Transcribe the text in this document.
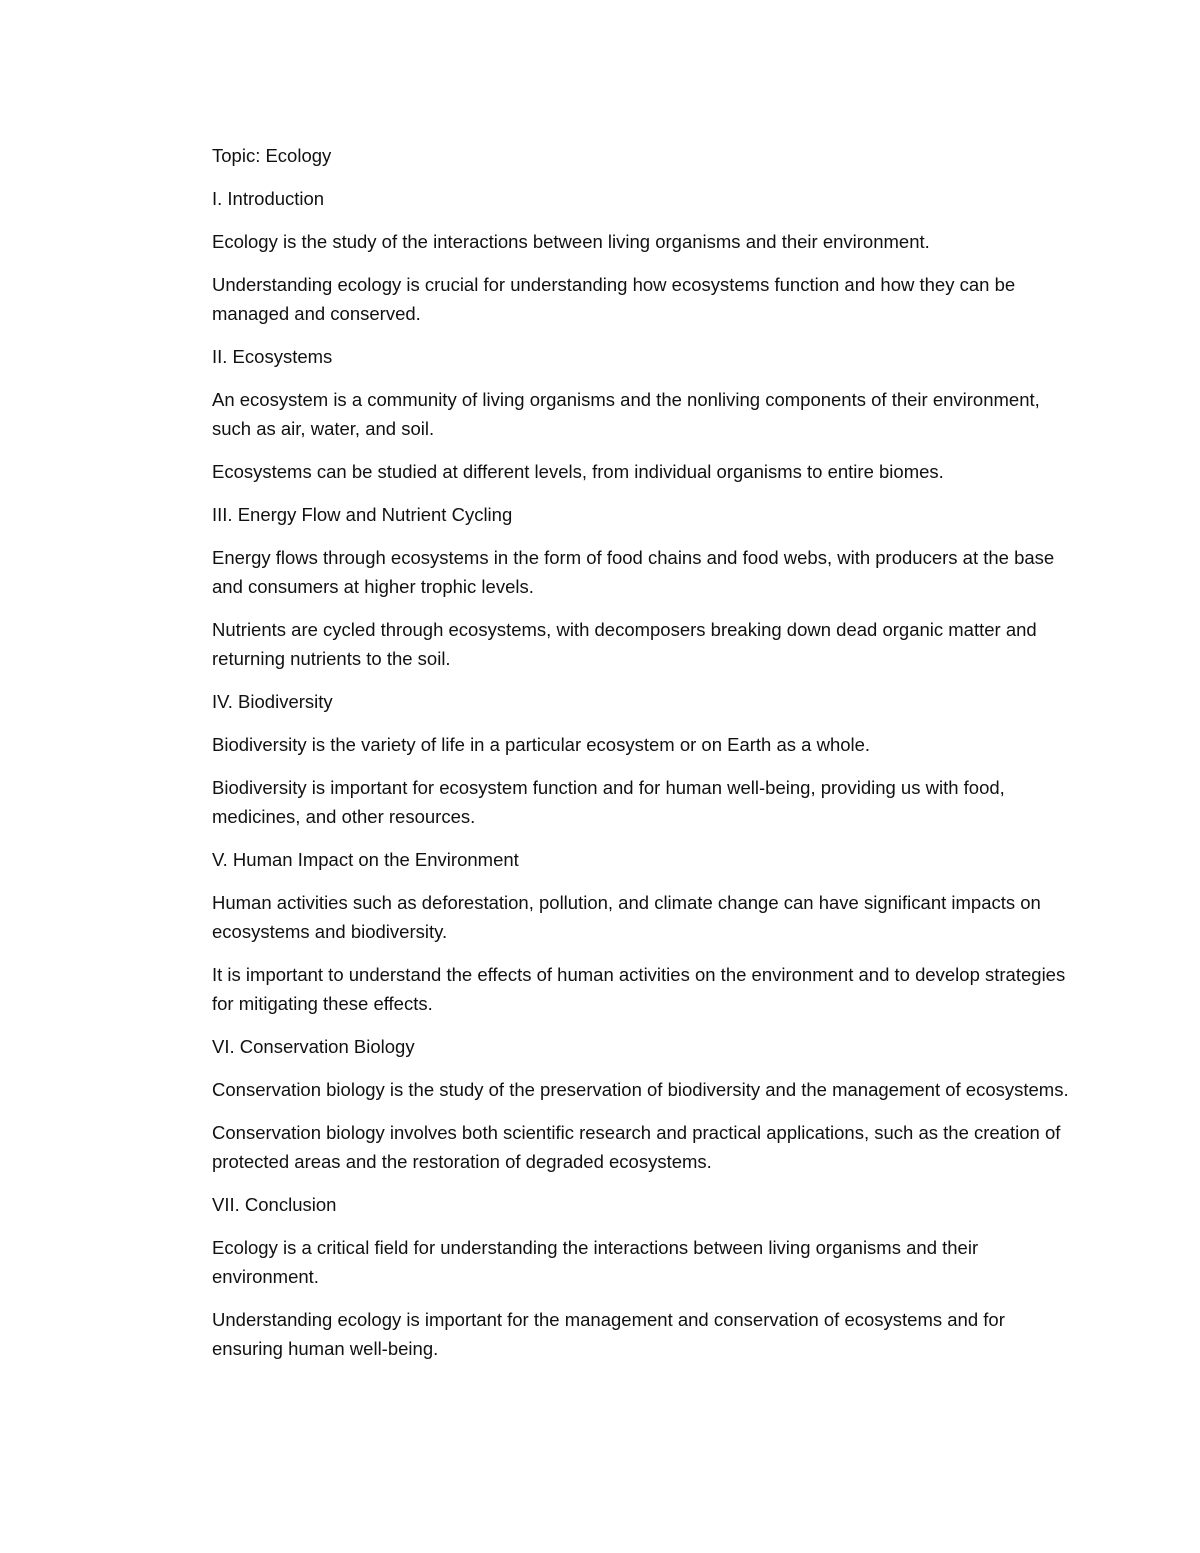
Topic: Ecology

I. Introduction

Ecology is the study of the interactions between living organisms and their environment.

Understanding ecology is crucial for understanding how ecosystems function and how they can be managed and conserved.

II. Ecosystems

An ecosystem is a community of living organisms and the nonliving components of their environment, such as air, water, and soil.

Ecosystems can be studied at different levels, from individual organisms to entire biomes.

III. Energy Flow and Nutrient Cycling

Energy flows through ecosystems in the form of food chains and food webs, with producers at the base and consumers at higher trophic levels.

Nutrients are cycled through ecosystems, with decomposers breaking down dead organic matter and returning nutrients to the soil.

IV. Biodiversity

Biodiversity is the variety of life in a particular ecosystem or on Earth as a whole.

Biodiversity is important for ecosystem function and for human well-being, providing us with food, medicines, and other resources.

V. Human Impact on the Environment

Human activities such as deforestation, pollution, and climate change can have significant impacts on ecosystems and biodiversity.

It is important to understand the effects of human activities on the environment and to develop strategies for mitigating these effects.

VI. Conservation Biology

Conservation biology is the study of the preservation of biodiversity and the management of ecosystems.

Conservation biology involves both scientific research and practical applications, such as the creation of protected areas and the restoration of degraded ecosystems.

VII. Conclusion

Ecology is a critical field for understanding the interactions between living organisms and their environment.

Understanding ecology is important for the management and conservation of ecosystems and for ensuring human well-being.
